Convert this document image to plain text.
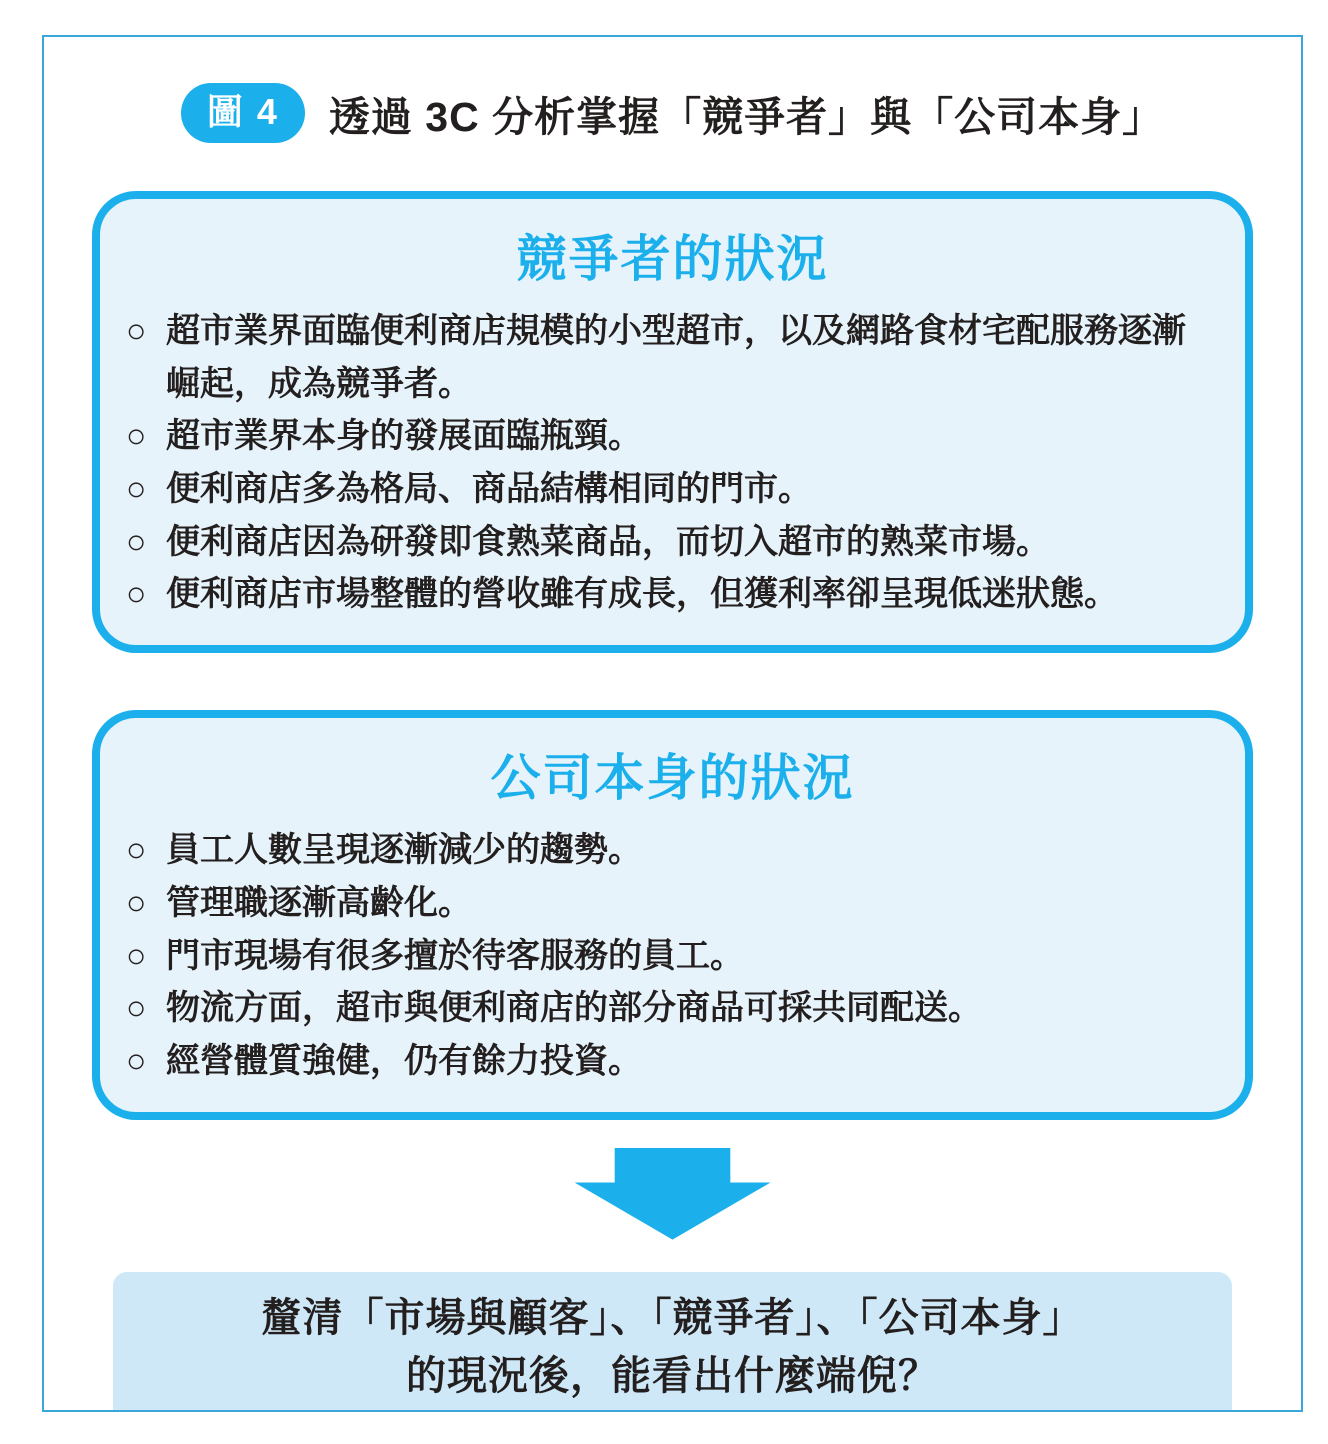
圖 4	透過 3C 分析掌握「競爭者」與「公司本身」
競爭者的狀況
○ 超市業界面臨便利商店規模的小型超市，以及網路食材宅配服務逐漸崛起，成為競爭者。
○ 超市業界本身的發展面臨瓶頸。
○ 便利商店多為格局、商品結構相同的門市。
○ 便利商店因為研發即食熟菜商品，而切入超市的熟菜市場。
○ 便利商店市場整體的營收雖有成長，但獲利率卻呈現低迷狀態。
公司本身的狀況
○ 員工人數呈現逐漸減少的趨勢。
○ 管理職逐漸高齡化。
○ 門市現場有很多擅於待客服務的員工。
○ 物流方面，超市與便利商店的部分商品可採共同配送。
○ 經營體質強健，仍有餘力投資。
釐清「市場與顧客」、「競爭者」、「公司本身」
的現況後，能看出什麼端倪？
